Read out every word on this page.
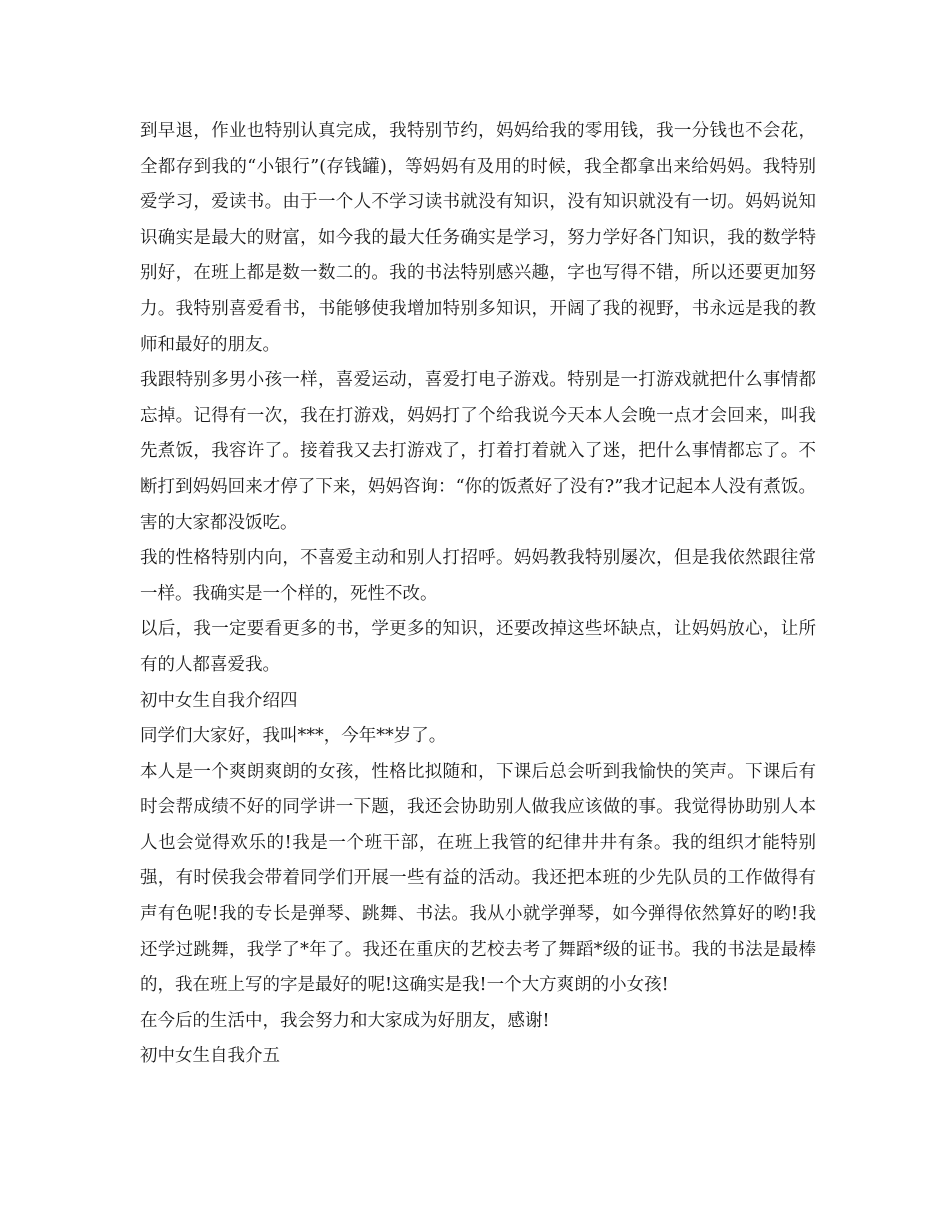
到早退，作业也特别认真完成，我特别节约，妈妈给我的零用钱，我一分钱也不会花，全都存到我的“小银行”(存钱罐)，等妈妈有及用的时候，我全都拿出来给妈妈。我特别爱学习，爱读书。由于一个人不学习读书就没有知识，没有知识就没有一切。妈妈说知识确实是最大的财富，如今我的最大任务确实是学习，努力学好各门知识，我的数学特别好，在班上都是数一数二的。我的书法特别感兴趣，字也写得不错，所以还要更加努力。我特别喜爱看书，书能够使我增加特别多知识，开阔了我的视野，书永远是我的教师和最好的朋友。

我跟特别多男小孩一样，喜爱运动，喜爱打电子游戏。特别是一打游戏就把什么事情都忘掉。记得有一次，我在打游戏，妈妈打了个给我说今天本人会晚一点才会回来，叫我先煮饭，我容许了。接着我又去打游戏了，打着打着就入了迷，把什么事情都忘了。不断打到妈妈回来才停了下来，妈妈咨询：“你的饭煮好了没有?”我才记起本人没有煮饭。害的大家都没饭吃。

我的性格特别内向，不喜爱主动和别人打招呼。妈妈教我特别屡次，但是我依然跟往常一样。我确实是一个样的，死性不改。

以后，我一定要看更多的书，学更多的知识，还要改掉这些坏缺点，让妈妈放心，让所有的人都喜爱我。

初中女生自我介绍四

同学们大家好，我叫***，今年**岁了。

本人是一个爽朗爽朗的女孩，性格比拟随和，下课后总会听到我愉快的笑声。下课后有时会帮成绩不好的同学讲一下题，我还会协助别人做我应该做的事。我觉得协助别人本人也会觉得欢乐的!我是一个班干部，在班上我管的纪律井井有条。我的组织才能特别强，有时侯我会带着同学们开展一些有益的活动。我还把本班的少先队员的工作做得有声有色呢!我的专长是弹琴、跳舞、书法。我从小就学弹琴，如今弹得依然算好的哟!我还学过跳舞，我学了*年了。我还在重庆的艺校去考了舞蹈*级的证书。我的书法是最棒的，我在班上写的字是最好的呢!这确实是我!一个大方爽朗的小女孩!

在今后的生活中，我会努力和大家成为好朋友，感谢!

初中女生自我介五
